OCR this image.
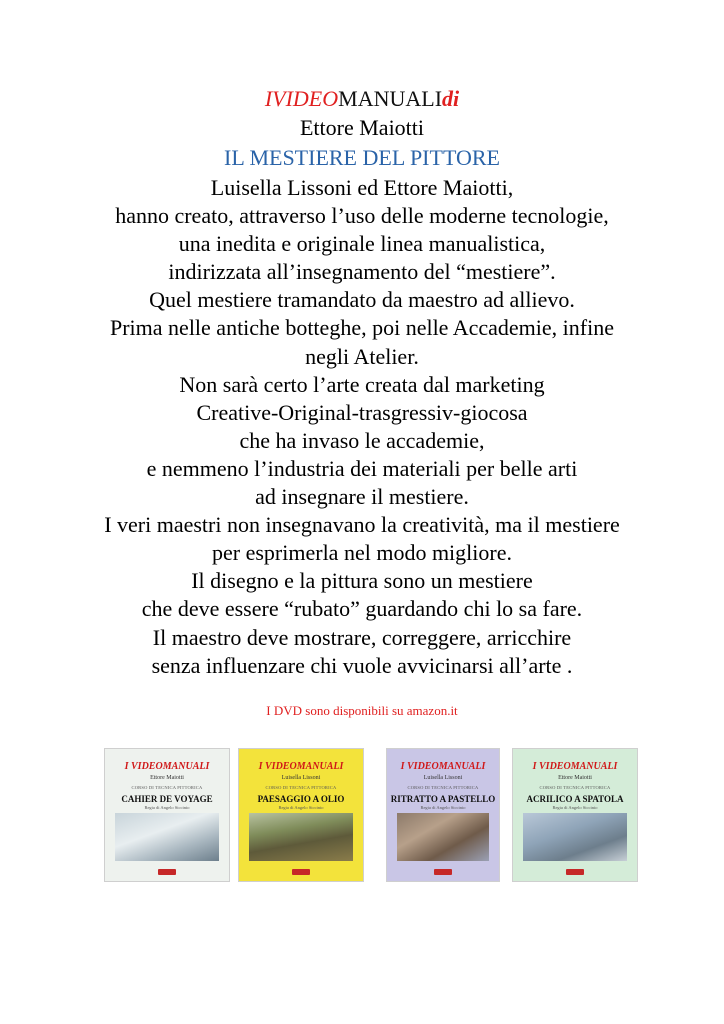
IVIDEOMANUALIdi
Ettore Maiotti
IL MESTIERE DEL PITTORE
Luisella Lissoni ed Ettore Maiotti,
hanno creato, attraverso l’uso delle moderne tecnologie,
una inedita e originale linea manualistica,
indirizzata all’insegnamento del “mestiere”.
Quel mestiere tramandato da maestro ad allievo.
Prima nelle antiche botteghe, poi nelle Accademie, infine
negli Atelier.
Non sarà certo l’arte creata dal marketing
Creative-Original-trasgressiv-giocosa
che ha invaso le accademie,
e nemmeno l’industria dei materiali per belle arti
ad insegnare il mestiere.
I veri maestri non insegnavano la creatività, ma il mestiere
per esprimerla nel modo migliore.
Il disegno e la pittura sono un mestiere
che deve essere “rubato” guardando chi lo sa fare.
Il maestro deve mostrare, correggere, arricchire
senza influenzare chi vuole avvicinarsi all’arte .
I DVD sono disponibili su amazon.it
I VIDEOMANUALI
Ettore Maiotti
CORSO DI TECNICA PITTORICA
CAHIER DE VOYAGE
Regia di Angelo Siccinio
I VIDEOMANUALI
Luisella Lissoni
CORSO DI TECNICA PITTORICA
PAESAGGIO A OLIO
Regia di Angelo Siccinio
I VIDEOMANUALI
Luisella Lissoni
CORSO DI TECNICA PITTORICA
RITRATTO A PASTELLO
Regia di Angelo Siccinio
I VIDEOMANUALI
Ettore Maiotti
CORSO DI TECNICA PITTORICA
ACRILICO A SPATOLA
Regia di Angelo Siccinio
